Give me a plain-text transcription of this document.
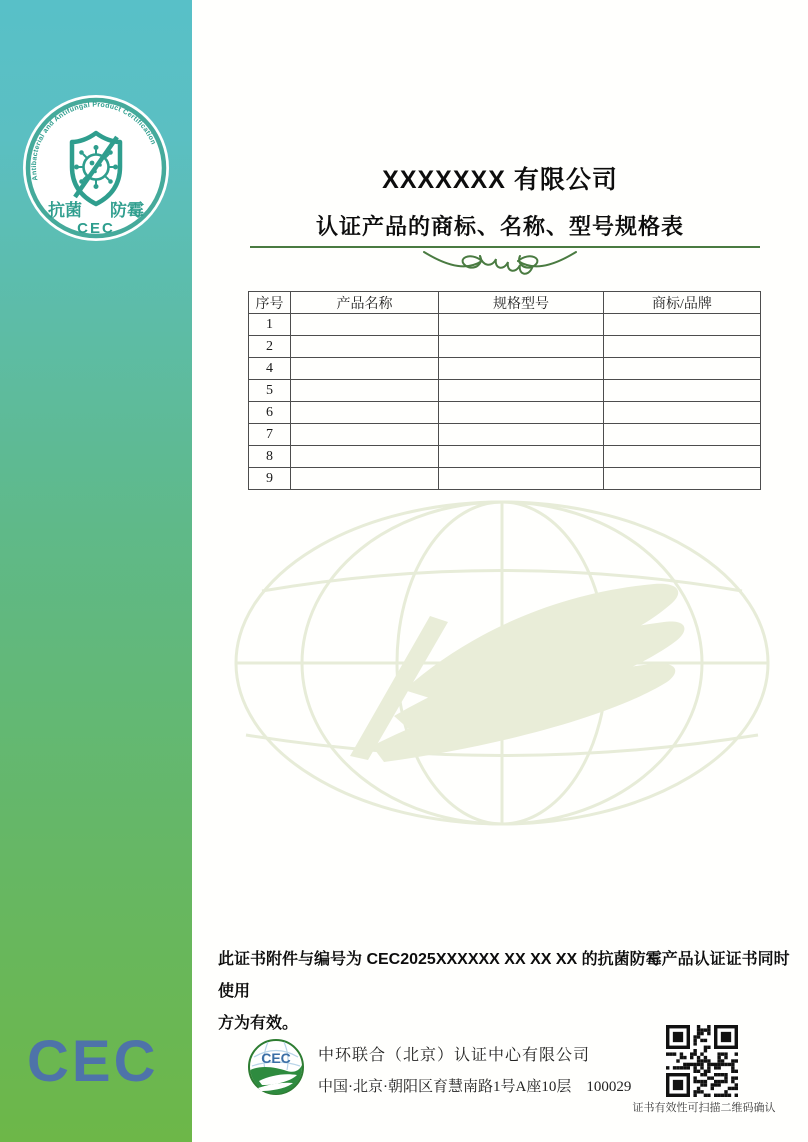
Antibacterial and Antifungal Product Certification
抗菌 防霉
CEC
CEC
XXXXXXX 有限公司
认证产品的商标、名称、型号规格表
序号	产品名称	规格型号	商标/品牌
1			
2			
4			
5			
6			
7			
8			
9			
此证书附件与编号为 CEC2025XXXXXX XX XX XX 的抗菌防霉产品认证证书同时使用
方为有效。
CEC 中环联合（北京）认证中心有限公司
中国·北京·朝阳区育慧南路1号A座10层　100029
证书有效性可扫描二维码确认
